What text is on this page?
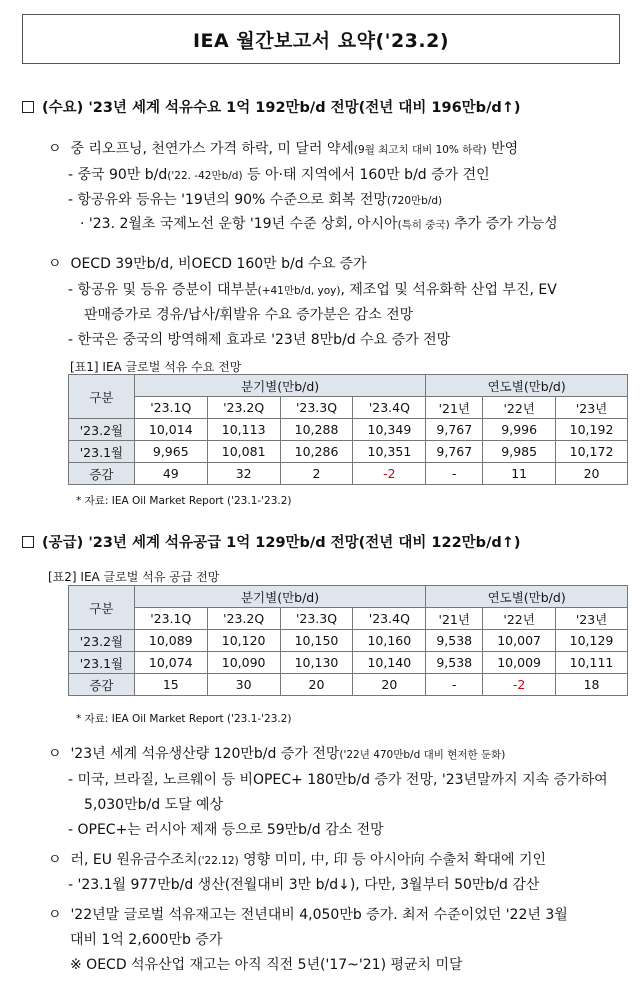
IEA 월간보고서 요약('23.2)
(수요) '23년 세계 석유수요 1억 192만b/d 전망(전년 대비 196만b/d↑)
ㅇ 중 리오프닝, 천연가스 가격 하락, 미 달러 약세(9월 최고치 대비 10% 하락) 반영
- 중국 90만 b/d('22. -42만b/d) 등 아·태 지역에서 160만 b/d 증가 견인
- 항공유와 등유는 '19년의 90% 수준으로 회복 전망(720만b/d)
· '23. 2월초 국제노선 운항 '19년 수준 상회, 아시아(특히 중국) 추가 증가 가능성
ㅇ OECD 39만b/d, 비OECD 160만 b/d 수요 증가
- 항공유 및 등유 증분이 대부분(+41만b/d, yoy), 제조업 및 석유화학 산업 부진, EV
판매증가로 경유/납사/휘발유 수요 증가분은 감소 전망
- 한국은 중국의 방역해제 효과로 '23년 8만b/d 수요 증가 전망
[표1] IEA 글로벌 석유 수요 전망
구분	분기별(만b/d)				연도별(만b/d)		
	'23.1Q	'23.2Q	'23.3Q	'23.4Q	'21년	'22년	'23년
'23.2월	10,014	10,113	10,288	10,349	9,767	9,996	10,192
'23.1월	9,965	10,081	10,286	10,351	9,767	9,985	10,172
증감	49	32	2	-2	-	11	20
* 자료: IEA Oil Market Report ('23.1-'23.2)
(공급) '23년 세계 석유공급 1억 129만b/d 전망(전년 대비 122만b/d↑)
[표2] IEA 글로벌 석유 공급 전망
구분	분기별(만b/d)				연도별(만b/d)		
	'23.1Q	'23.2Q	'23.3Q	'23.4Q	'21년	'22년	'23년
'23.2월	10,089	10,120	10,150	10,160	9,538	10,007	10,129
'23.1월	10,074	10,090	10,130	10,140	9,538	10,009	10,111
증감	15	30	20	20	-	-2	18
* 자료: IEA Oil Market Report ('23.1-'23.2)
ㅇ '23년 세계 석유생산량 120만b/d 증가 전망('22년 470만b/d 대비 현저한 둔화)
- 미국, 브라질, 노르웨이 등 비OPEC+ 180만b/d 증가 전망, '23년말까지 지속 증가하여
5,030만b/d 도달 예상
- OPEC+는 러시아 제재 등으로 59만b/d 감소 전망
ㅇ 러, EU 원유금수조치('22.12) 영향 미미, 中, 印 등 아시아向 수출처 확대에 기인
- '23.1월 977만b/d 생산(전월대비 3만 b/d↓), 다만, 3월부터 50만b/d 감산
ㅇ '22년말 글로벌 석유재고는 전년대비 4,050만b 증가. 최저 수준이었던 '22년 3월
대비 1억 2,600만b 증가
※ OECD 석유산업 재고는 아직 직전 5년('17~'21) 평균치 미달
